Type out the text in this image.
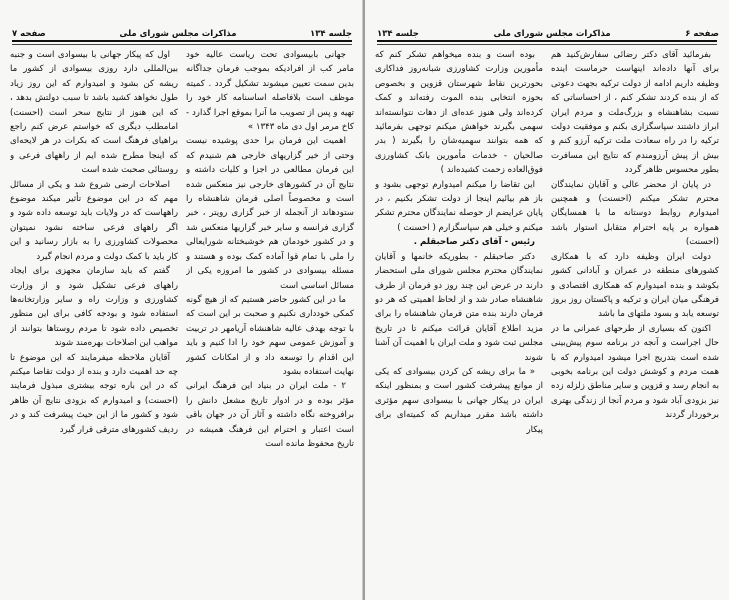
صفحه ۷	مذاکرات مجلس شورای ملی	جلسه ۱۳۴

جهانی بابیسوادی تحت ریاست عالیه خود مامر کب از افرادیکه بموجب فرمان جداگانه بدین سمت تعیین میشوند تشکیل گردد . کمیته موظف است بلافاصله اساسنامه کار خود را تهیه و پس از تصویب ما آنرا بموقع اجرا گذارد - کاخ مرمر اول دی ماه ۱۳۴۳ »

اهمیت این فرمان برا حدی پوشیده نیست وحتی از خیر گزاریهای خارجی هم شنیدم که این فرمان مطالعی در اجزا و کلیات داشته و نتایج آن در کشورهای خارجی نیز منعکس شده است و مخصوصاً اصلی فرمان شاهنشاه را ستودهاند از آنجمله از خبر گزاری رویتر ، خبر گزاری فرانسه و سایر خبر گزاریها منعکس شد و در کشور خودمان هم خوشبختانه شورایعالی را ملی با تمام قوا آماده کمک بوده و هستند و مسئله بیسوادی در کشور ما امروزه یکی از مسائل اساسی است

ما در این کشور حاضر هستیم که از هیچ گونه کمکی خودداری نکنیم و صحبت بر این است که با توجه بهدف عالیه شاهنشاه آریامهر در تربیت و آموزش عمومی سهم خود را ادا کنیم و باید این اقدام را توسعه داد و از امکانات کشور نهایت استفاده بشود

۲ - ملت ایران در بنیاد این فرهنگ ایرانی مؤثر بوده و در ادوار تاریخ مشعل دانش را برافروخته نگاه داشته و آثار آن در جهان باقی است اعتبار و احترام این فرهنگ همیشه در تاریخ محفوظ مانده است

اول که پیکار جهانی با بیسوادی است و جنبه بین‌المللی دارد روزی بیسوادی از کشور ما ریشه کن بشود و امیدوارم که این روز زیاد طول نخواهد کشید باشد تا سبب دولتش بدهد ، که این هنوز از نتایج سحر است (احسنت) امامطلب دیگری که خواستم عرض کنم راجع براهیای فرهنگ است که بکرات در هر لایحه‌ای که اینجا مطرح شده ایم از راههای فرعی و روستائی صحبت شده است

اصلاحات ارضی شروع شد و یکی از مسائل مهم که در این موضوع تأثیر میکند موضوع راههاست که در ولایات باید توسعه داده شود و اگر راههای فرعی ساخته نشود نمیتوان محصولات کشاورزی را به بازار رسانید و این کار باید با کمک دولت و مردم انجام گیرد

گفتم که باید سازمان مجهزی برای ایجاد راههای فرعی تشکیل شود و از وزارت کشاورزی و وزارت راه و سایر وزارتخانه‌ها استفاده شود و بودجه کافی برای این منظور تخصیص داده شود تا مردم روستاها بتوانند از مواهب این اصلاحات بهره‌مند شوند

آقایان ملاحظه میفرمایند که این موضوع تا چه حد اهمیت دارد و بنده از دولت تقاضا میکنم که در این باره توجه بیشتری مبذول فرمایند (احسنت) و امیدوارم که بزودی نتایج آن ظاهر شود و کشور ما از این حیث پیشرفت کند و در ردیف کشورهای مترقی قرار گیرد

جلسه ۱۳۴	مذاکرات مجلس شورای ملی	صفحه ۶

بفرمائید آقای دکتر رضائی سفارش‌کنید هم برای آنها داده‌اند اینهاست حرماست اینده وظیفه داریم ادامه از دولت ترکیه بجهت دعوتی که از بنده کردند تشکر کنم ، از احساساتی که نسبت بشاهنشاه و بزرگ‌ملت و مردم ایران ابراز داشتند سپاسگزاری بکنم و موفقیت دولت ترکیه را در راه سعادت ملت ترکیه آرزو کنم و بیش از پیش آرزومندم که نتایج این مسافرت بطور محسوس ظاهر گردد

در پایان از محضر عالی و آقایان نمایندگان محترم تشکر میکنم (احسنت) و همچنین امیدوارم روابط دوستانه ما با همسایگان همواره بر پایه احترام متقابل استوار باشد (احسنت)

دولت ایران وظیفه دارد که با همکاری کشورهای منطقه در عمران و آبادانی کشور بکوشد و بنده امیدوارم که همکاری اقتصادی و فرهنگی میان ایران و ترکیه و پاکستان روز بروز توسعه یابد و بسود ملتهای ما باشد

اکنون که بسیاری از طرحهای عمرانی ما در حال اجراست و آنجه در برنامه سوم پیش‌بینی شده است بتدریج اجرا میشود امیدوارم که با همت مردم و کوشش دولت این برنامه بخوبی به انجام رسد و قزوین و سایر مناطق زلزله زده نیز بزودی آباد شود و مردم آنجا از زندگی بهتری برخوردار گردند

بوده است و بنده میخواهم تشکر کنم که مأمورین وزارت کشاورزی شبانه‌روز فداکاری بحورترین نقاط شهرستان قزوین و بخصوص بحوزه انتخابی بنده الموت رفته‌اند و کمک کرده‌اند ولی هنوز عده‌ای از دهات نتوانسته‌اند سهمی بگیرند خواهش میکنم توجهی بفرمائید که همه بتوانند سهمیه‌شان را بگیرند ( بدر صالحیان - خدمات مأمورین بانک کشاورزی فوق‌العاده زحمت کشیده‌اند )

این تقاضا را میکنم امیدوارم توجهی بشود و باز هم بیائیم اینجا از دولت تشکر بکنیم ، در پایان عرایضم از حوصله نمایندگان محترم تشکر میکنم و خیلی هم سپاسگزارم ( احسنت )

رئیس - آقای دکتر صاحبقلم .

دکتر صاحبقلم - بطوریکه خانمها و آقایان نمایندگان محترم مجلس شورای ملی استحضار دارند در عرض این چند روز دو فرمان از طرف شاهنشاه صادر شد و از لحاظ اهمیتی که هر دو فرمان دارند بنده متن فرمان شاهنشاه را برای مزید اطلاع آقایان قرائت میکنم تا در تاریخ مجلس ثبت شود و ملت ایران با اهمیت آن آشنا شوند

« ما برای ریشه کن کردن بیسوادی که یکی از موانع پیشرفت کشور است و بمنظور اینکه ایران در پیکار جهانی با بیسوادی سهم مؤثری داشته باشد مقرر میداریم که کمیته‌ای برای پیکار
